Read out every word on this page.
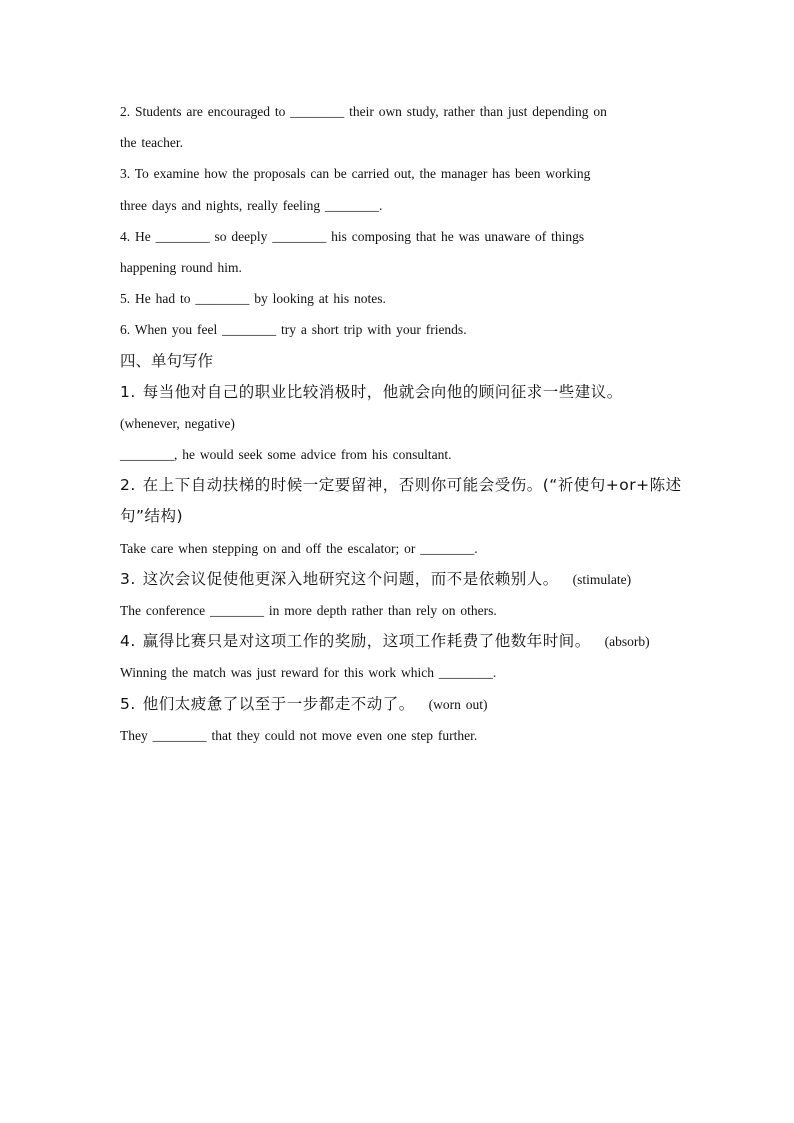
2. Students are encouraged to ________ their own study, rather than just depending on
the teacher.
3. To examine how the proposals can be carried out, the manager has been working
three days and nights, really feeling ________.
4. He ________ so deeply ________ his composing that he was unaware of things
happening round him.
5. He had to ________ by looking at his notes.
6. When you feel ________ try a short trip with your friends.
四、单句写作
1. 每当他对自己的职业比较消极时，他就会向他的顾问征求一些建议。
(whenever, negative)
________, he would seek some advice from his consultant.
2. 在上下自动扶梯的时候一定要留神，否则你可能会受伤。(“祈使句+or+陈述
句”结构)
Take care when stepping on and off the escalator; or ________.
3. 这次会议促使他更深入地研究这个问题，而不是依赖别人。 (stimulate)
The conference ________ in more depth rather than rely on others.
4. 赢得比赛只是对这项工作的奖励，这项工作耗费了他数年时间。 (absorb)
Winning the match was just reward for this work which ________.
5. 他们太疲惫了以至于一步都走不动了。 (worn out)
They ________ that they could not move even one step further.
